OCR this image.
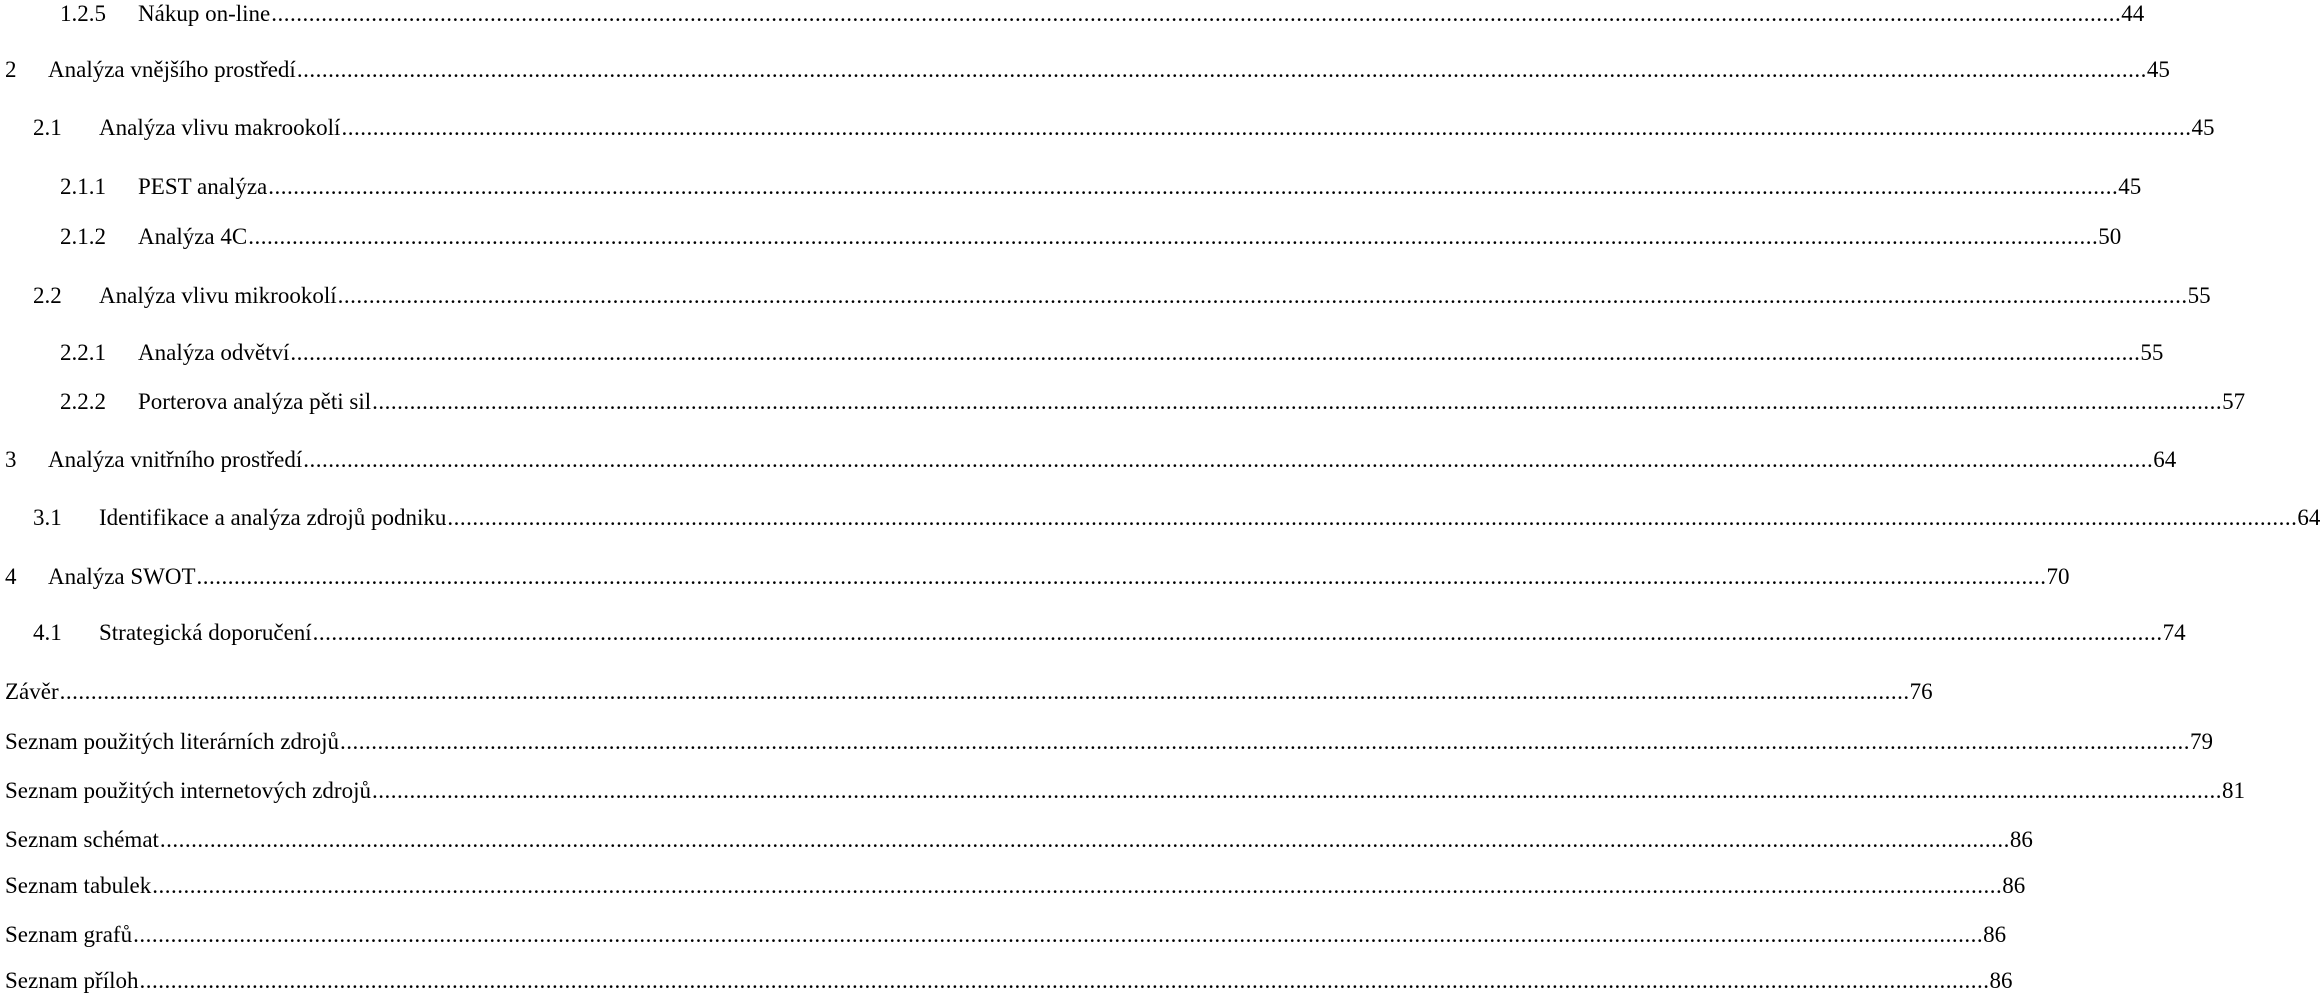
1.2.5 Nákup on-line .....	44
2 Analýza vnějšího prostředí .....	45
2.1 Analýza vlivu makrookolí .....	45
2.1.1 PEST analýza .....	45
2.1.2 Analýza 4C .....	50
2.2 Analýza vlivu mikrookolí .....	55
2.2.1 Analýza odvětví .....	55
2.2.2 Porterova analýza pěti sil .....	57
3 Analýza vnitřního prostředí .....	64
3.1 Identifikace a analýza zdrojů podniku .....	64
4 Analýza SWOT .....	70
4.1 Strategická doporučení .....	74
Závěr .....	76
Seznam použitých literárních zdrojů .....	79
Seznam použitých internetových zdrojů .....	81
Seznam schémat .....	86
Seznam tabulek .....	86
Seznam grafů .....	86
Seznam příloh .....	86
